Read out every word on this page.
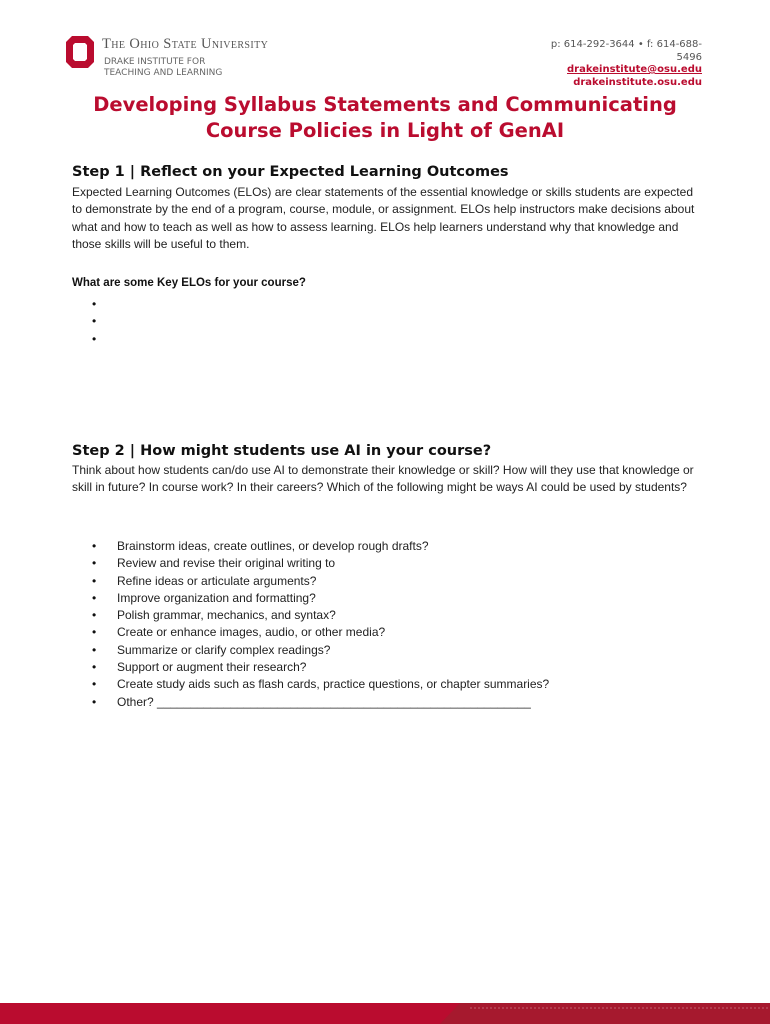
The Ohio State University
DRAKE INSTITUTE FOR
TEACHING AND LEARNING
p: 614-292-3644 • f: 614-688-5496
drakeinstitute@osu.edu
drakeinstitute.osu.edu
Developing Syllabus Statements and Communicating Course Policies in Light of GenAI
Step 1 | Reflect on your Expected Learning Outcomes

Expected Learning Outcomes (ELOs) are clear statements of the essential knowledge or skills students are expected to demonstrate by the end of a program, course, module, or assignment. ELOs help instructors make decisions about what and how to teach as well as how to assess learning. ELOs help learners understand why that knowledge and those skills will be useful to them.

What are some Key ELOs for your course?

•
•
•
Step 2 | How might students use AI in your course?

Think about how students can/do use AI to demonstrate their knowledge or skill? How will they use that knowledge or skill in future? In course work? In their careers? Which of the following might be ways AI could be used by students?

• Brainstorm ideas, create outlines, or develop rough drafts?
• Review and revise their original writing to
• Refine ideas or articulate arguments?
• Improve organization and formatting?
• Polish grammar, mechanics, and syntax?
• Create or enhance images, audio, or other media?
• Summarize or clarify complex readings?
• Support or augment their research?
• Create study aids such as flash cards, practice questions, or chapter summaries?
• Other? ________________________________________________________
